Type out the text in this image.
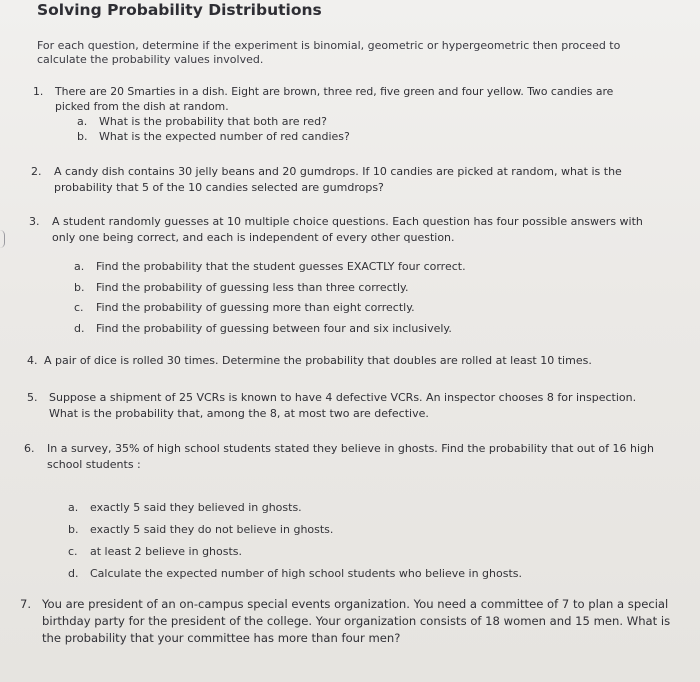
Solving Probability Distributions
For each question, determine if the experiment is binomial, geometric or hypergeometric then proceed to calculate the probability values involved.
1.	There are 20 Smarties in a dish. Eight are brown, three red, five green and four yellow. Two candies are picked from the dish at random.
a. What is the probability that both are red?
b. What is the expected number of red candies?
2.	A candy dish contains 30 jelly beans and 20 gumdrops. If 10 candies are picked at random, what is the probability that 5 of the 10 candies selected are gumdrops?
3.	A student randomly guesses at 10 multiple choice questions. Each question has four possible answers with only one being correct, and each is independent of every other question.
a. Find the probability that the student guesses EXACTLY four correct.
b. Find the probability of guessing less than three correctly.
c. Find the probability of guessing more than eight correctly.
d. Find the probability of guessing between four and six inclusively.
4. A pair of dice is rolled 30 times. Determine the probability that doubles are rolled at least 10 times.
5.	Suppose a shipment of 25 VCRs is known to have 4 defective VCRs. An inspector chooses 8 for inspection. What is the probability that, among the 8, at most two are defective.
6.	In a survey, 35% of high school students stated they believe in ghosts. Find the probability that out of 16 high school students :
a. exactly 5 said they believed in ghosts.
b. exactly 5 said they do not believe in ghosts.
c. at least 2 believe in ghosts.
d. Calculate the expected number of high school students who believe in ghosts.
7. You are president of an on-campus special events organization. You need a committee of 7 to plan a special birthday party for the president of the college. Your organization consists of 18 women and 15 men. What is the probability that your committee has more than four men?
